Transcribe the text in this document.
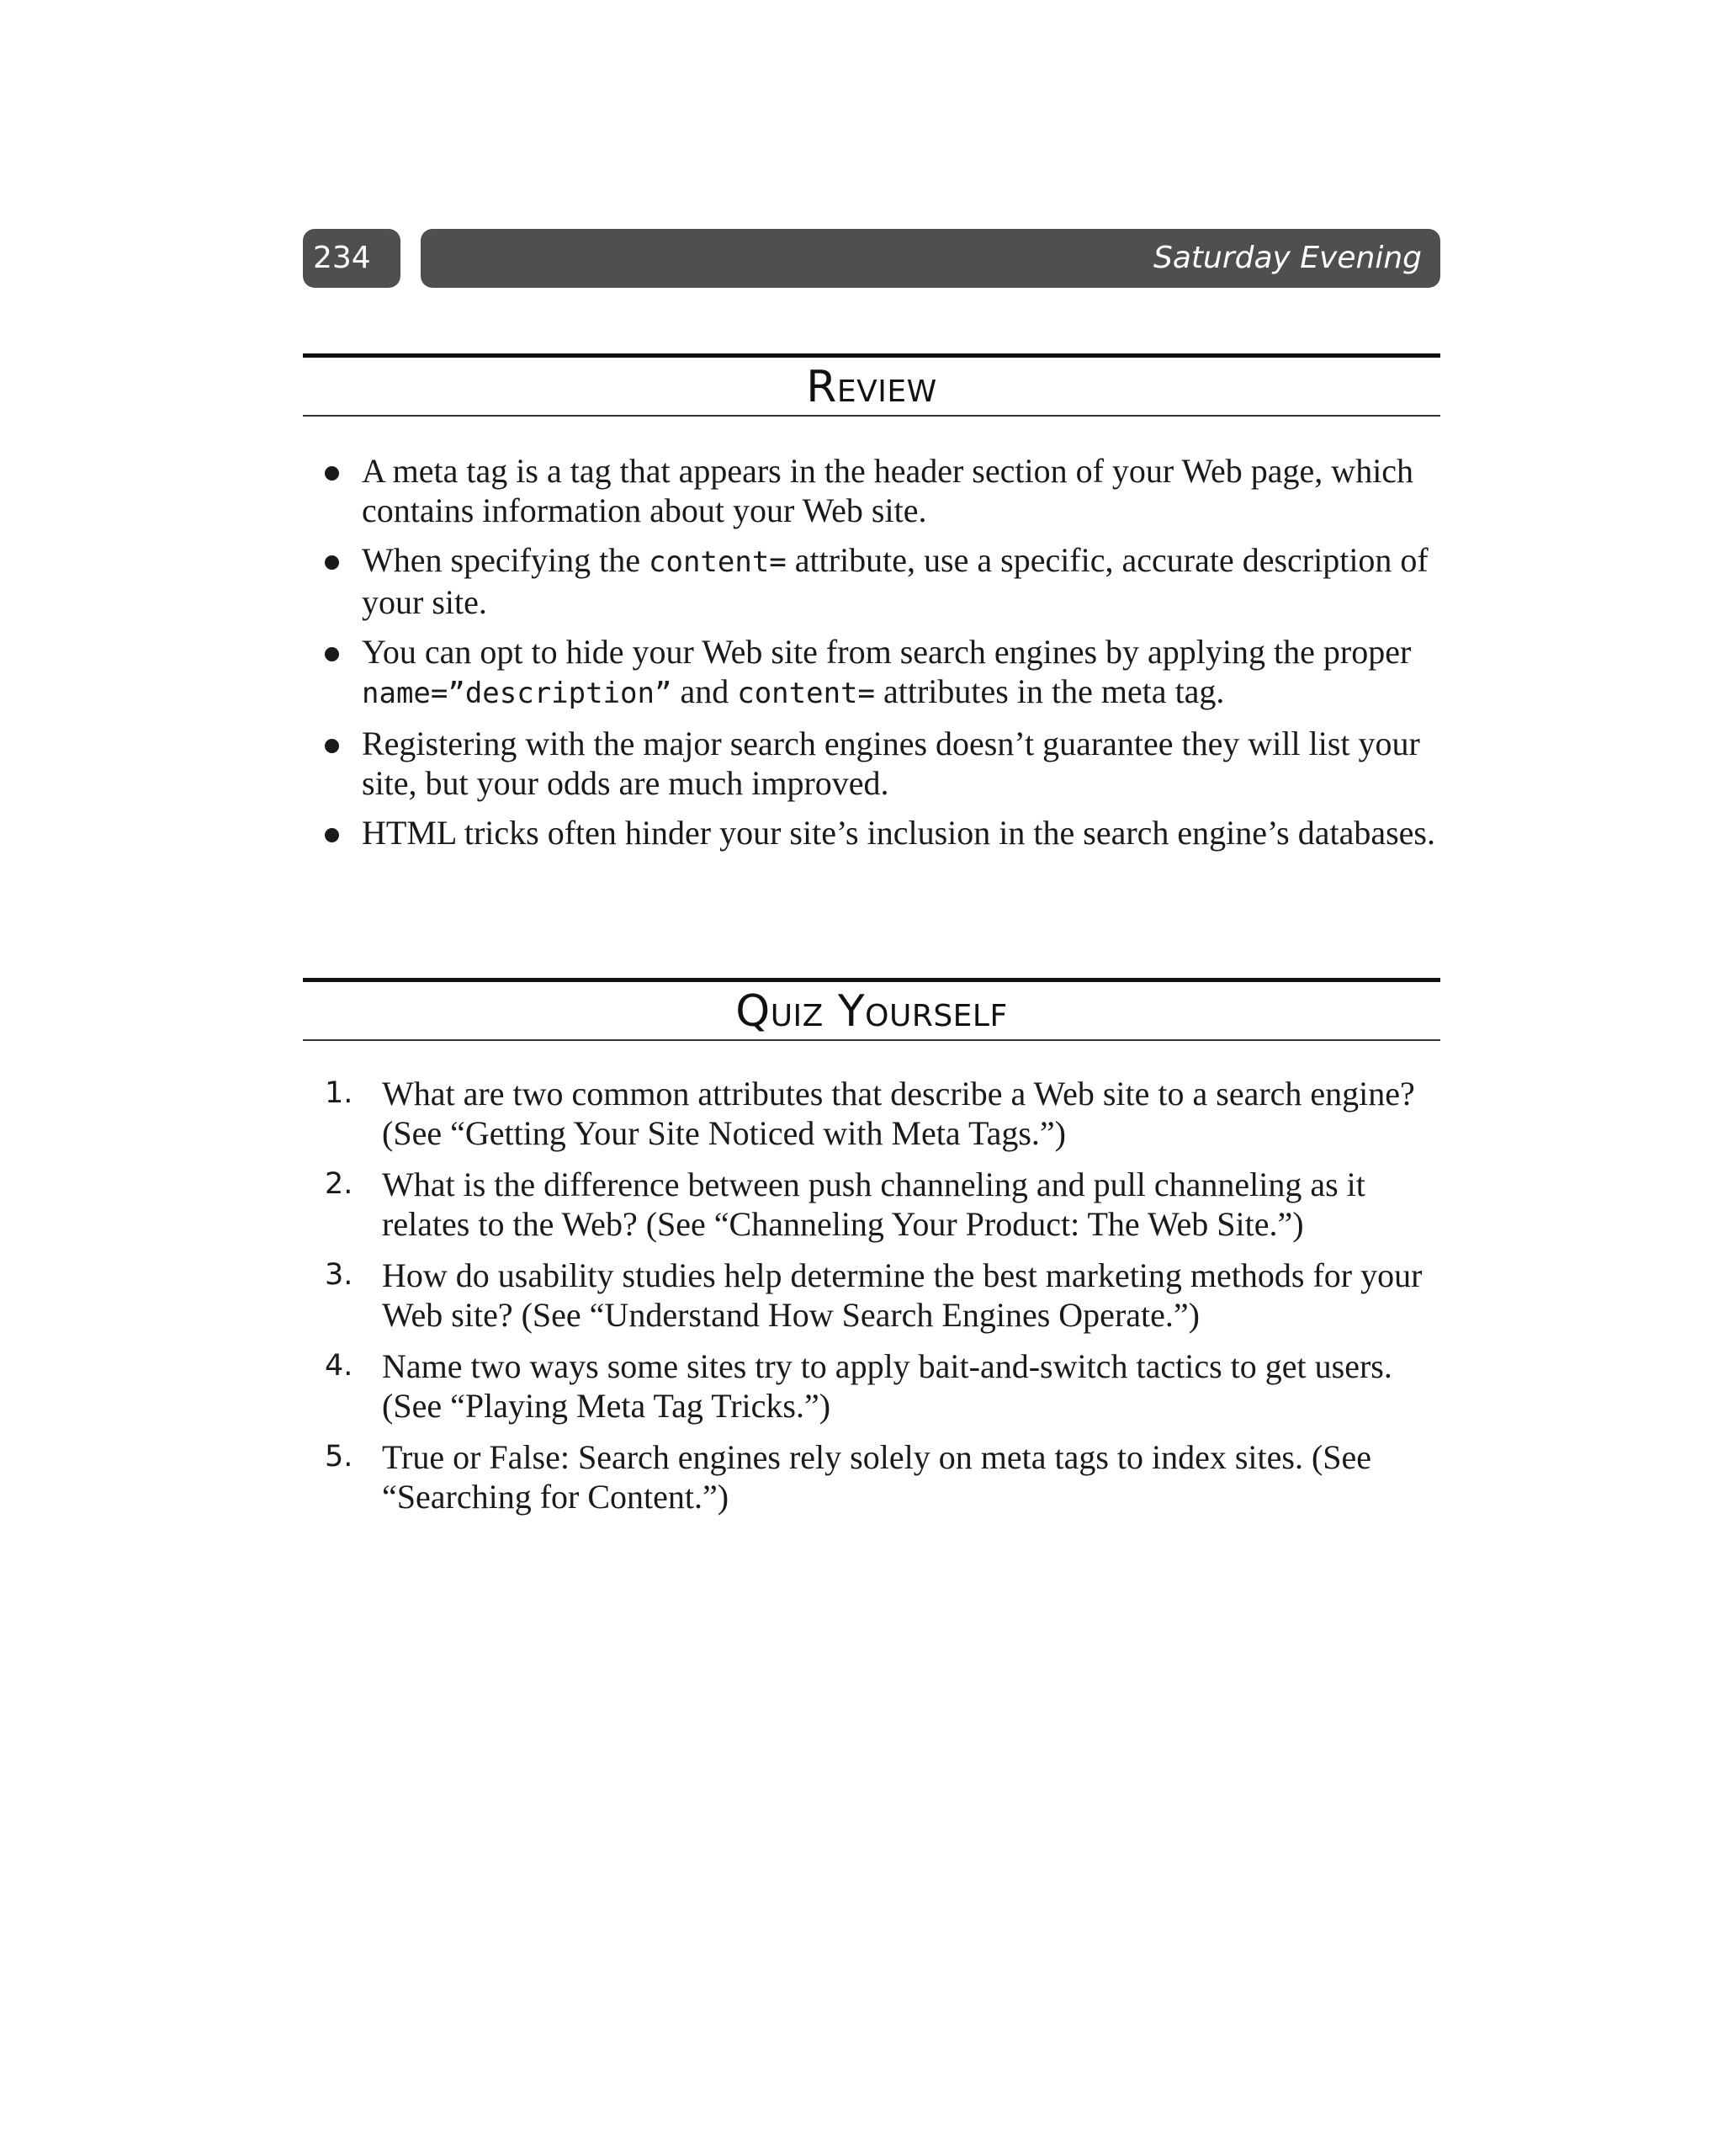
234	Saturday Evening
Review
A meta tag is a tag that appears in the header section of your Web page, which contains information about your Web site.
When specifying the content= attribute, use a specific, accurate description of your site.
You can opt to hide your Web site from search engines by applying the proper name=”description” and content= attributes in the meta tag.
Registering with the major search engines doesn’t guarantee they will list your site, but your odds are much improved.
HTML tricks often hinder your site’s inclusion in the search engine’s databases.
Quiz Yourself
1. What are two common attributes that describe a Web site to a search engine? (See “Getting Your Site Noticed with Meta Tags.”)
2. What is the difference between push channeling and pull channeling as it relates to the Web? (See “Channeling Your Product: The Web Site.”)
3. How do usability studies help determine the best marketing methods for your Web site? (See “Understand How Search Engines Operate.”)
4. Name two ways some sites try to apply bait-and-switch tactics to get users. (See “Playing Meta Tag Tricks.”)
5. True or False: Search engines rely solely on meta tags to index sites. (See “Searching for Content.”)
